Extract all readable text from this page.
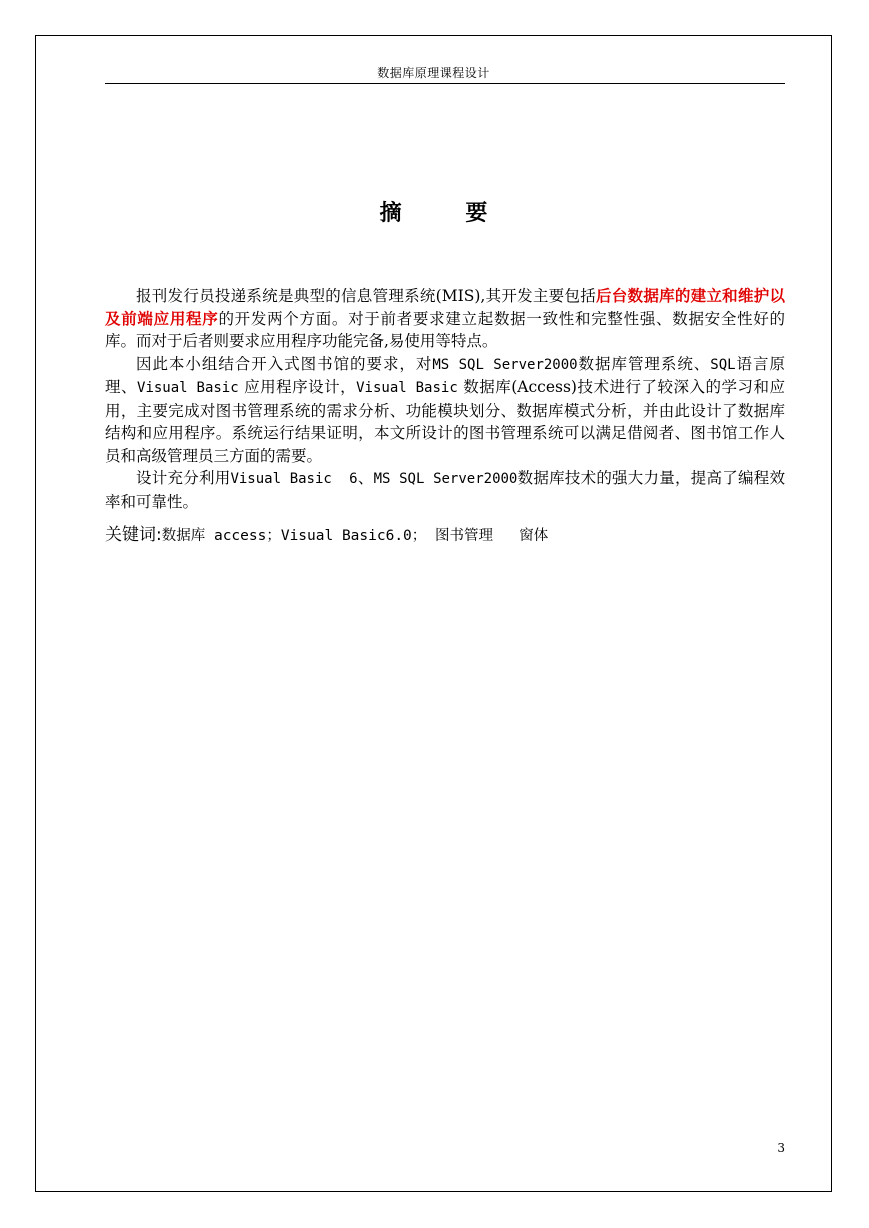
数据库原理课程设计
摘 要

报刊发行员投递系统是典型的信息管理系统(MIS),其开发主要包括后台数据库的建立和维护以及前端应用程序的开发两个方面。对于前者要求建立起数据一致性和完整性强、数据安全性好的库。而对于后者则要求应用程序功能完备,易使用等特点。

因此本小组结合开入式图书馆的要求，对MS SQL Server2000数据库管理系统、SQL语言原理、Visual Basic 应用程序设计，Visual Basic 数据库(Access)技术进行了较深入的学习和应用，主要完成对图书管理系统的需求分析、功能模块划分、数据库模式分析，并由此设计了数据库结构和应用程序。系统运行结果证明，本文所设计的图书管理系统可以满足借阅者、图书馆工作人员和高级管理员三方面的需要。

设计充分利用Visual Basic  6、MS SQL Server2000数据库技术的强大力量，提高了编程效率和可靠性。

关键词:数据库 access；Visual Basic6.0； 图书管理   窗体
3
